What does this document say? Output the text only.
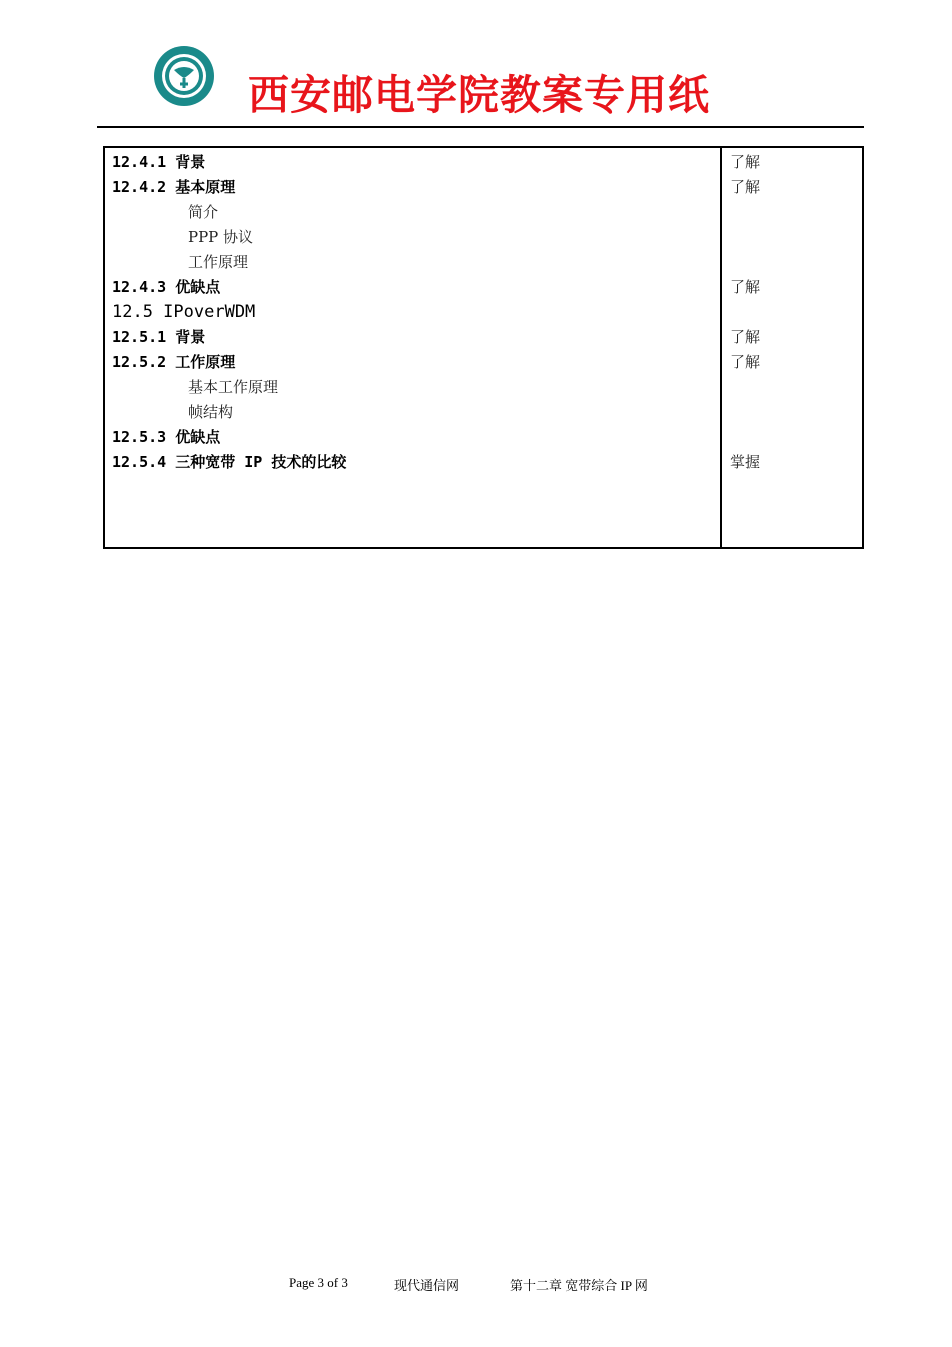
西安邮电学院教案专用纸
12.4.1 背景	了解
12.4.2 基本原理	了解
简介
PPP 协议
工作原理
12.4.3 优缺点	了解
12.5 IPoverWDM
12.5.1 背景	了解
12.5.2 工作原理	了解
基本工作原理
帧结构
12.5.3 优缺点
12.5.4 三种宽带 IP 技术的比较	掌握
Page 3 of 3	现代通信网	第十二章 宽带综合 IP 网
